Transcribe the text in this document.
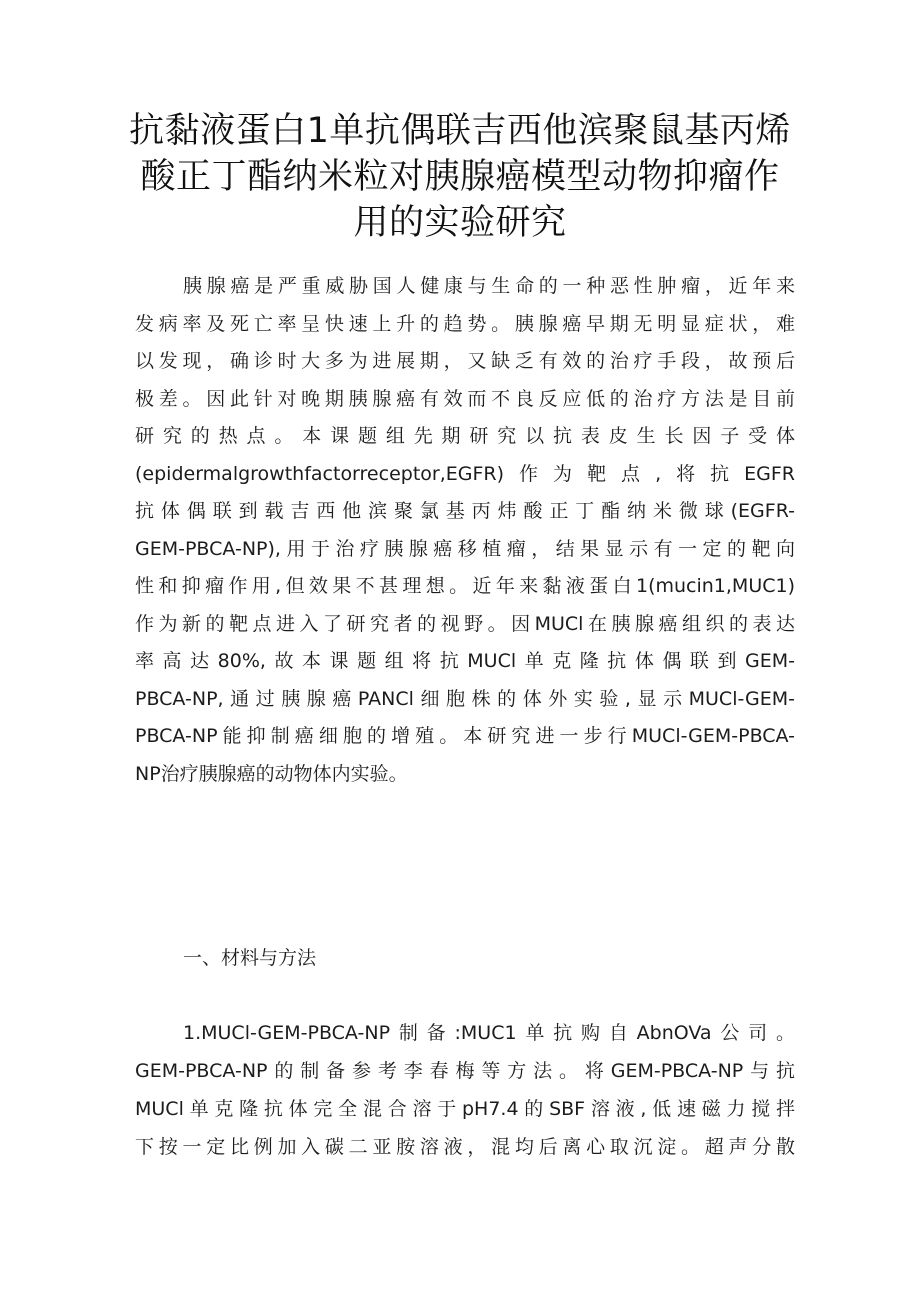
抗黏液蛋白1单抗偶联吉西他滨聚鼠基丙烯
酸正丁酯纳米粒对胰腺癌模型动物抑瘤作
用的实验研究
胰腺癌是严重威胁国人健康与生命的一种恶性肿瘤，近年来
发病率及死亡率呈快速上升的趋势。胰腺癌早期无明显症状，难
以发现，确诊时大多为进展期，又缺乏有效的治疗手段，故预后
极差。因此针对晚期胰腺癌有效而不良反应低的治疗方法是目前
研究的热点。本课题组先期研究以抗表皮生长因子受体
(epidermalgrowthfactorreceptor,EGFR)作为靶点,将抗EGFR
抗体偶联到载吉西他滨聚氯基丙炜酸正丁酯纳米微球(EGFR-
GEM-PBCA-NP),用于治疗胰腺癌移植瘤，结果显示有一定的靶向
性和抑瘤作用,但效果不甚理想。近年来黏液蛋白1(mucin1,MUC1)
作为新的靶点进入了研究者的视野。因MUCl在胰腺癌组织的表达
率高达80%,故本课题组将抗MUCl单克隆抗体偶联到GEM-
PBCA-NP,通过胰腺癌PANCl细胞株的体外实验,显示MUCl-GEM-
PBCA-NP能抑制癌细胞的增殖。本研究进一步行MUCl-GEM-PBCA-
NP治疗胰腺癌的动物体内实验。
一、材料与方法
1.MUCl-GEM-PBCA-NP制备:MUC1单抗购自AbnOVa公司。
GEM-PBCA-NP的制备参考李春梅等方法。将GEM-PBCA-NP与抗
MUCl单克隆抗体完全混合溶于pH7.4的SBF溶液,低速磁力搅拌
下按一定比例加入碳二亚胺溶液，混均后离心取沉淀。超声分散
